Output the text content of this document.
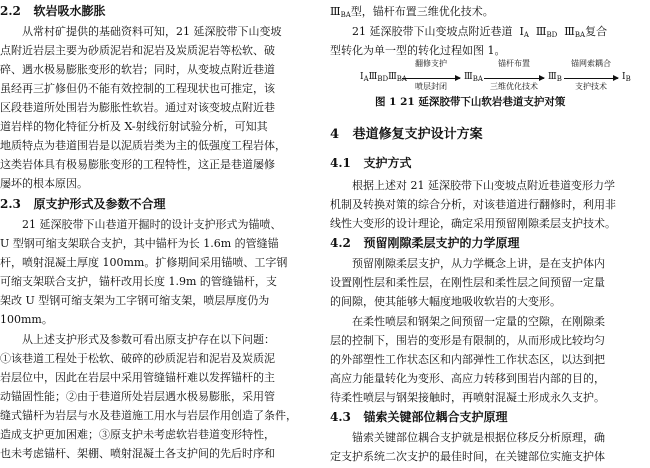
2.2 软岩吸水膨胀
从常村矿提供的基础资料可知，21 延深胶带下山变坡
点附近岩层主要为砂质泥岩和泥岩及炭质泥岩等松软、破
碎、遇水极易膨胀变形的软岩；同时，从变坡点附近巷道
虽经再三扩修但仍不能有效控制的工程现状也可推定，该
区段巷道所处围岩为膨胀性软岩。通过对该变坡点附近巷
道岩样的物化特征分析及 X-射线衍射试验分析，可知其
地质特点为巷道围岩是以泥质岩类为主的低强度工程岩体，
这类岩体具有极易膨胀变形的工程特性，这正是巷道屡修
屡坏的根本原因。
2.3 原支护形式及参数不合理
21 延深胶带下山巷道开掘时的设计支护形式为锚喷、
U 型钢可缩支架联合支护，其中锚杆为长 1.6m 的管缝锚
杆，喷射混凝土厚度 100mm。扩修期间采用锚喷、工字钢
可缩支架联合支护，锚杆改用长度 1.9m 的管缝锚杆，支
架改 U 型钢可缩支架为工字钢可缩支架，喷层厚度仍为
100mm。
从上述支护形式及参数可看出原支护存在以下问题：
①该巷道工程处于松软、破碎的砂质泥岩和泥岩及炭质泥
岩层位中，因此在岩层中采用管缝锚杆难以发挥锚杆的主
动锚固性能；②由于巷道所处岩层遇水极易膨胀，采用管
缝式锚杆为岩层与水及巷道施工用水与岩层作用创造了条件，
造成支护更加困难；③原支护未考虑软岩巷道变形特性，
也未考虑锚杆、架棚、喷射混凝土各支护间的先后时序和
$Ⅲ_{BA}$型，锚杆布置三维优化技术。
21 延深胶带下山变坡点附近巷道 $I_A$ $Ⅲ_{BD}$ $Ⅲ_{BA}$复合
型转化为单一型的转化过程如图 1。
$I_AⅢ_{BD}Ⅲ_{BA}$
翻修支护
喷层封闭
$Ⅲ_{BA}$
锚杆布置
三维优化技术
$Ⅲ_B$
锚网索耦合
支护技术
$I_B$
图 1 21 延深胶带下山软岩巷道支护对策
4 巷道修复支护设计方案
4.1 支护方式
根据上述对 21 延深胶带下山变坡点附近巷道变形力学
机制及转换对策的综合分析，对该巷道进行翻修时，利用非
线性大变形的设计理论，确定采用预留刚隙柔层支护技术。
4.2 预留刚隙柔层支护的力学原理
预留刚隙柔层支护，从力学概念上讲，是在支护体内
设置刚性层和柔性层，在刚性层和柔性层之间预留一定量
的间隙，使其能够大幅度地吸收软岩的大变形。
在柔性喷层和钢架之间预留一定量的空隙，在刚隙柔
层的控制下，围岩的变形是有限制的，从而形成比较均匀
的外部塑性工作状态区和内部弹性工作状态区，以达到把
高应力能量转化为变形、高应力转移到围岩内部的目的，
待柔性喷层与钢架接触时，再喷射混凝土形成永久支护。
4.3 锚索关键部位耦合支护原理
锚索关键部位耦合支护就是根据位移反分析原理，确
定支护系统二次支护的最佳时间，在关键部位实施支护体
